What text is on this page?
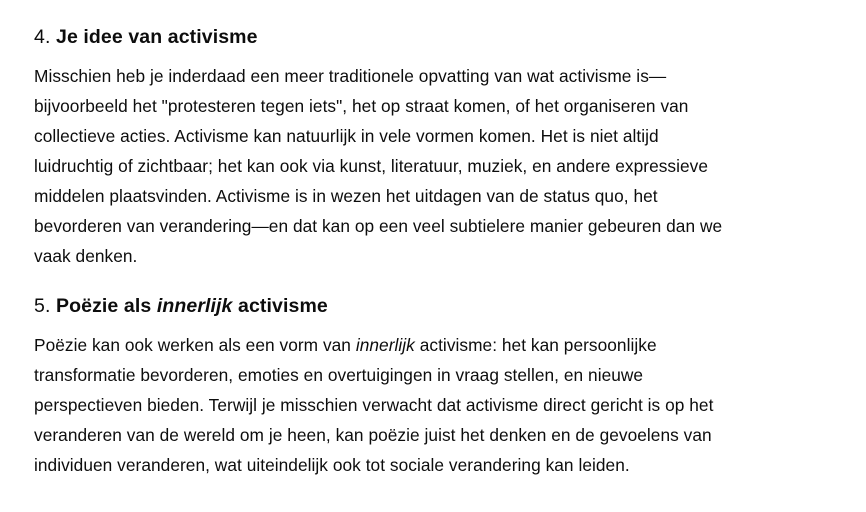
4. Je idee van activisme

Misschien heb je inderdaad een meer traditionele opvatting van wat activisme is—
bijvoorbeeld het "protesteren tegen iets", het op straat komen, of het organiseren van
collectieve acties. Activisme kan natuurlijk in vele vormen komen. Het is niet altijd
luidruchtig of zichtbaar; het kan ook via kunst, literatuur, muziek, en andere expressieve
middelen plaatsvinden. Activisme is in wezen het uitdagen van de status quo, het
bevorderen van verandering—en dat kan op een veel subtielere manier gebeuren dan we
vaak denken.

5. Poëzie als innerlijk activisme

Poëzie kan ook werken als een vorm van innerlijk activisme: het kan persoonlijke
transformatie bevorderen, emoties en overtuigingen in vraag stellen, en nieuwe
perspectieven bieden. Terwijl je misschien verwacht dat activisme direct gericht is op het
veranderen van de wereld om je heen, kan poëzie juist het denken en de gevoelens van
individuen veranderen, wat uiteindelijk ook tot sociale verandering kan leiden.
